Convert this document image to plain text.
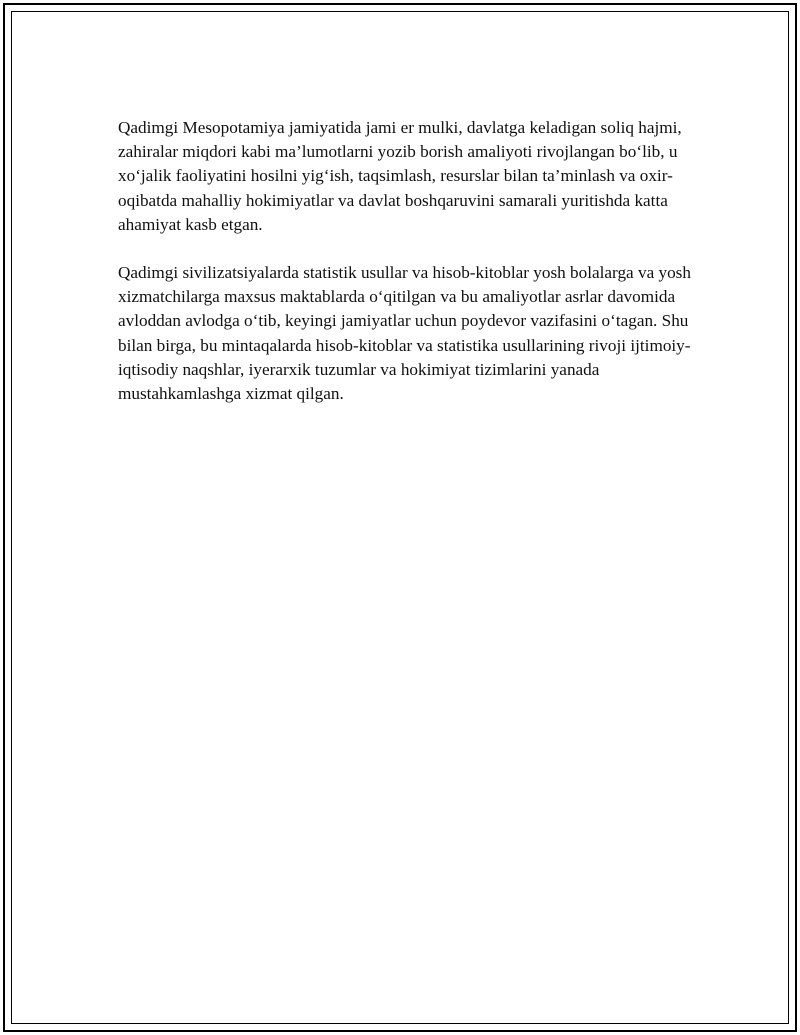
Qadimgi Mesopotamiya jamiyatida jami er mulki, davlatga keladigan soliq hajmi, zahiralar miqdori kabi ma’lumotlarni yozib borish amaliyoti rivojlangan bo‘lib, u xo‘jalik faoliyatini hosilni yig‘ish, taqsimlash, resurslar bilan ta’minlash va oxir-oqibatda mahalliy hokimiyatlar va davlat boshqaruvini samarali yuritishda katta ahamiyat kasb etgan.

Qadimgi sivilizatsiyalarda statistik usullar va hisob-kitoblar yosh bolalarga va yosh xizmatchilarga maxsus maktablarda o‘qitilgan va bu amaliyotlar asrlar davomida avloddan avlodga o‘tib, keyingi jamiyatlar uchun poydevor vazifasini o‘tagan. Shu bilan birga, bu mintaqalarda hisob-kitoblar va statistika usullarining rivoji ijtimoiy-iqtisodiy naqshlar, iyerarxik tuzumlar va hokimiyat tizimlarini yanada mustahkamlashga xizmat qilgan.
